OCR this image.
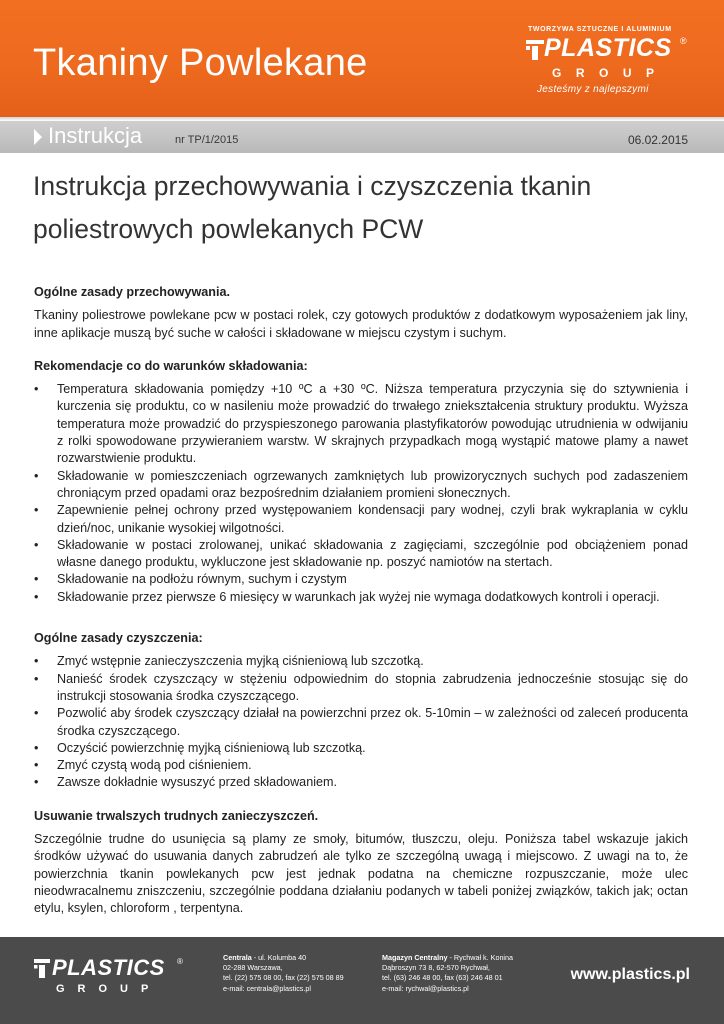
Tkaniny Powlekane
TWORZYWA SZTUCZNE I ALUMINIUM
PLASTICS ®
GROUP
Jesteśmy z najlepszymi
Instrukcja	nr TP/1/2015	06.02.2015
Instrukcja przechowywania i czyszczenia tkanin poliestrowych powlekanych PCW
Ogólne zasady przechowywania.

Tkaniny poliestrowe powlekane pcw w postaci rolek, czy gotowych produktów z dodatkowym wyposażeniem jak liny, inne aplikacje muszą być suche w całości i składowane w miejscu czystym i suchym.

Rekomendacje co do warunków składowania:
• Temperatura składowania pomiędzy +10 ºC a +30 ºC. Niższa temperatura przyczynia się do sztywnienia i kurczenia się produktu, co w nasileniu może prowadzić do trwałego zniekształcenia struktury produktu. Wyższa temperatura może prowadzić do przyspieszonego parowania plastyfikatorów powodując utrudnienia w odwijaniu z rolki spowodowane przywieraniem warstw. W skrajnych przypadkach mogą wystąpić matowe plamy a nawet rozwarstwienie produktu.
• Składowanie w pomieszczeniach ogrzewanych zamkniętych lub prowizorycznych suchych pod zadaszeniem chroniącym przed opadami oraz bezpośrednim działaniem promieni słonecznych.
• Zapewnienie pełnej ochrony przed występowaniem kondensacji pary wodnej, czyli brak wykraplania w cyklu dzień/noc, unikanie wysokiej wilgotności.
• Składowanie w postaci zrolowanej, unikać składowania z zagięciami, szczególnie pod obciążeniem ponad własne danego produktu, wykluczone jest składowanie np. poszyć namiotów na stertach.
• Składowanie na podłożu równym, suchym i czystym
• Składowanie przez pierwsze 6 miesięcy w warunkach jak wyżej nie wymaga dodatkowych kontroli i operacji.
Ogólne zasady czyszczenia:
• Zmyć wstępnie zanieczyszczenia myjką ciśnieniową lub szczotką.
• Nanieść środek czyszczący w stężeniu odpowiednim do stopnia zabrudzenia jednocześnie stosując się do instrukcji stosowania środka czyszczącego.
• Pozwolić aby środek czyszczący działał na powierzchni przez ok. 5-10min – w zależności od zaleceń producenta środka czyszczącego.
• Oczyścić powierzchnię myjką ciśnieniową lub szczotką.
• Zmyć czystą wodą pod ciśnieniem.
• Zawsze dokładnie wysuszyć przed składowaniem.
Usuwanie trwalszych trudnych zanieczyszczeń.

Szczególnie trudne do usunięcia są plamy ze smoły, bitumów, tłuszczu, oleju. Poniższa tabel wskazuje jakich środków używać do usuwania danych zabrudzeń ale tylko ze szczególną uwagą i miejscowo. Z uwagi na to, że powierzchnia tkanin powlekanych pcw jest jednak podatna na chemiczne rozpuszczanie, może ulec nieodwracalnemu zniszczeniu, szczególnie poddana działaniu podanych w tabeli poniżej związków, takich jak; octan etylu, ksylen, chloroform , terpentyna.

PLASTICS ®
GROUP
Centrala - ul. Kolumba 40
02-288 Warszawa,
tel. (22) 575 08 00, fax (22) 575 08 89
e-mail: centrala@plastics.pl
Magazyn Centralny - Rychwał k. Konina
Dąbroszyn 73 8, 62-570 Rychwał,
tel. (63) 246 48 00, fax (63) 246 48 01
e-mail: rychwal@plastics.pl
www.plastics.pl
